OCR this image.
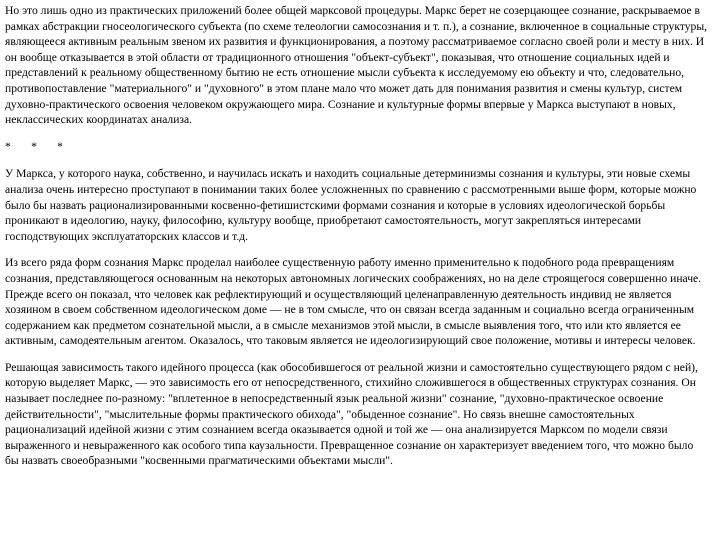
Но это лишь одно из практических приложений более общей марксовой процедуры. Маркс берет не созерцающее сознание, раскрываемое в рамках абстракции гносеологического субъекта (по схеме телеологии самосознания и т. п.), а сознание, включенное в социальные структуры, являющееся активным реальным звеном их развития и функционирования, а поэтому рассматриваемое согласно своей роли и месту в них. И он вообще отказывается в этой области от традиционного отношения "объект-субъект", показывая, что отношение социальных идей и представлений к реальному общественному бытию не есть отношение мысли субъекта к исследуемому ею объекту и что, следовательно, противопоставление "материального" и "духовного" в этом плане мало что может дать для понимания развития и смены культур, систем духовно-практического освоения человеком окружающего мира. Сознание и культурные формы впервые у Маркса выступают в новых, неклассических координатах анализа.

*       *       *

У Маркса, у которого наука, собственно, и научилась искать и находить социальные детерминизмы сознания и культуры, эти новые схемы анализа очень интересно проступают в понимании таких более усложненных по сравнению с рассмотренными выше форм, которые можно было бы назвать рационализированными косвенно-фетишистскими формами сознания и которые в условиях идеологической борьбы проникают в идеологию, науку, философию, культуру вообще, приобретают самостоятельность, могут закрепляться интересами господствующих эксплуататорских классов и т.д.

Из всего ряда форм сознания Маркс проделал наиболее существенную работу именно применительно к подобного рода превращениям сознания, представляющегося основанным на некоторых автономных логических соображениях, но на деле строящегося совершенно иначе. Прежде всего он показал, что человек как рефлектирующий и осуществляющий целенаправленную деятельность индивид не является хозяином в своем собственном идеологическом доме — не в том смысле, что он связан всегда заданным и социально всегда ограниченным содержанием как предметом сознательной мысли, а в смысле механизмов этой мысли, в смысле выявления того, что или кто является ее активным, самодеятельным агентом. Оказалось, что таковым является не идеологизирующий свое положение, мотивы и интересы человек.

Решающая зависимость такого идейного процесса (как обособившегося от реальной жизни и самостоятельно существующего рядом с ней), которую выделяет Маркс, — это зависимость его от непосредственного, стихийно сложившегося в общественных структурах сознания. Он называет последнее по-разному: "вплетенное в непосредственный язык реальной жизни" сознание, "духовно-практическое освоение действительности", "мыслительные формы практического обихода", "обыденное сознание". Но связь внешне самостоятельных рационализаций идейной жизни с этим сознанием всегда оказывается одной и той же — она анализируется Марксом по модели связи выраженного и невыраженного как особого типа каузальности. Превращенное сознание он характеризует введением того, что можно было бы назвать своеобразными "косвенными прагматическими объектами мысли".
